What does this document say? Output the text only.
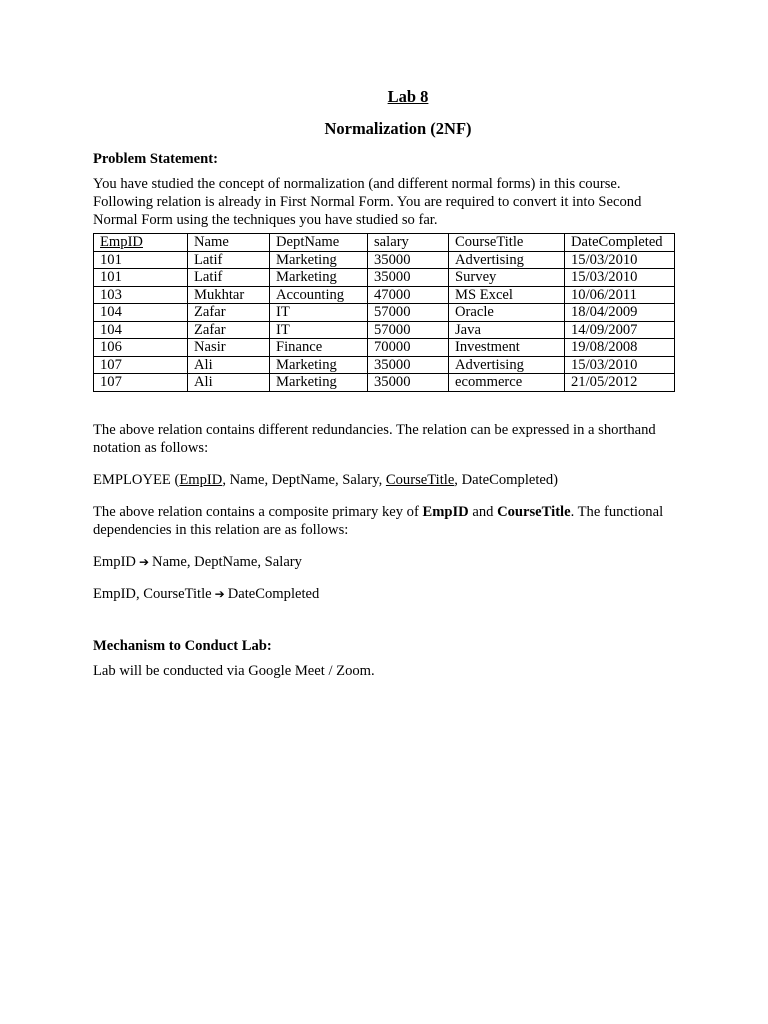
Lab 8
Normalization (2NF)

Problem Statement:

You have studied the concept of normalization (and different normal forms) in this course. Following relation is already in First Normal Form. You are required to convert it into Second Normal Form using the techniques you have studied so far.

EmpID	Name	DeptName	salary	CourseTitle	DateCompleted
101	Latif	Marketing	35000	Advertising	15/03/2010
101	Latif	Marketing	35000	Survey	15/03/2010
103	Mukhtar	Accounting	47000	MS Excel	10/06/2011
104	Zafar	IT	57000	Oracle	18/04/2009
104	Zafar	IT	57000	Java	14/09/2007
106	Nasir	Finance	70000	Investment	19/08/2008
107	Ali	Marketing	35000	Advertising	15/03/2010
107	Ali	Marketing	35000	ecommerce	21/05/2012

The above relation contains different redundancies. The relation can be expressed in a shorthand notation as follows:

EMPLOYEE (EmpID, Name, DeptName, Salary, CourseTitle, DateCompleted)

The above relation contains a composite primary key of EmpID and CourseTitle. The functional dependencies in this relation are as follows:

EmpID ➔ Name, DeptName, Salary

EmpID, CourseTitle ➔ DateCompleted

Mechanism to Conduct Lab:

Lab will be conducted via Google Meet / Zoom.
